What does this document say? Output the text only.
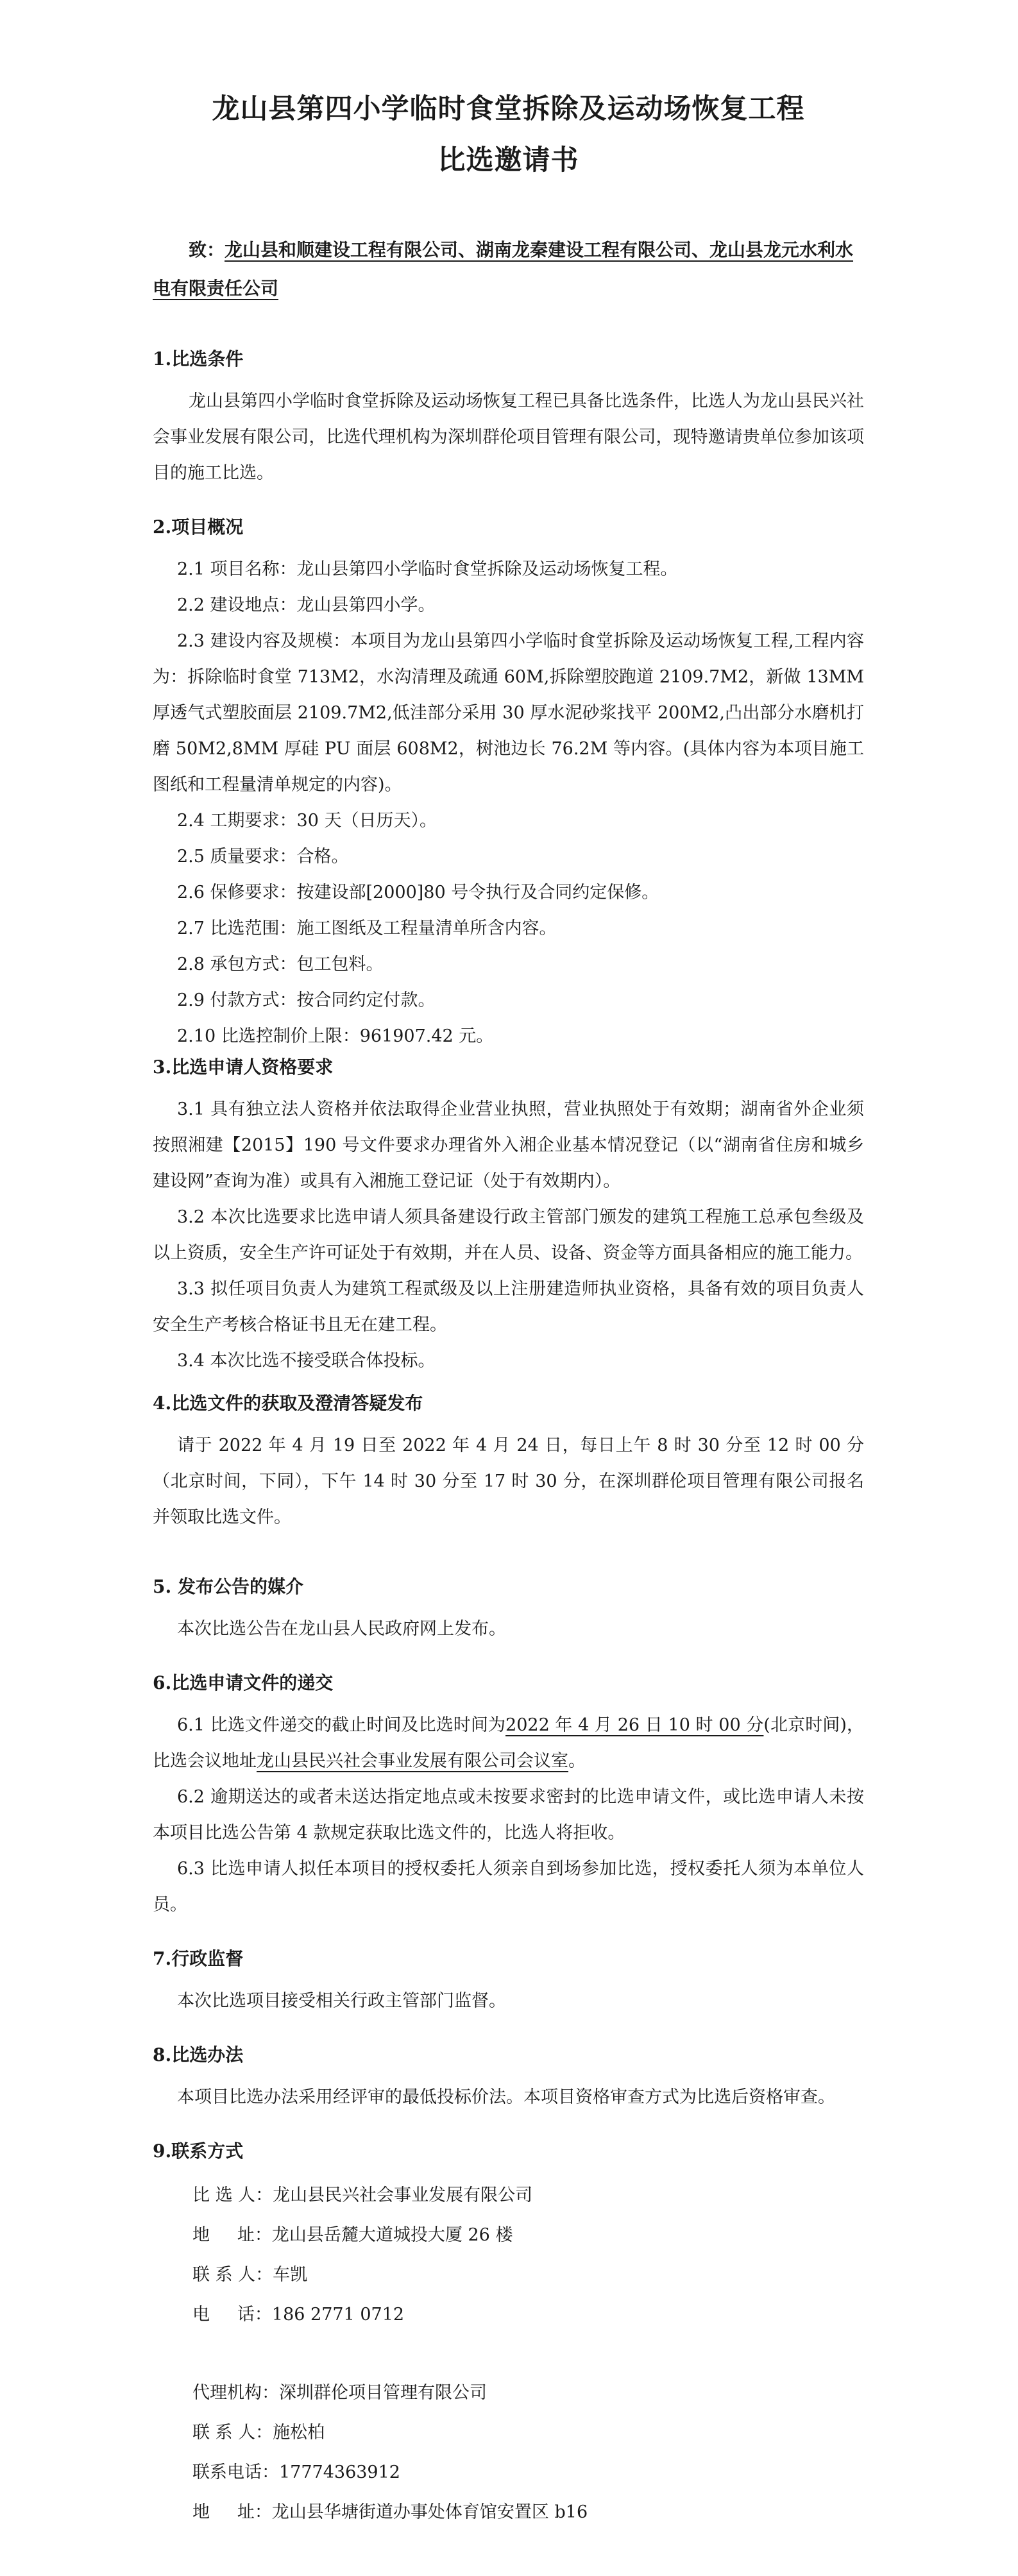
龙山县第四小学临时食堂拆除及运动场恢复工程
比选邀请书
致：龙山县和顺建设工程有限公司、湖南龙秦建设工程有限公司、龙山县龙元水利水电有限责任公司

1.比选条件

龙山县第四小学临时食堂拆除及运动场恢复工程已具备比选条件，比选人为龙山县民兴社会事业发展有限公司，比选代理机构为深圳群伦项目管理有限公司，现特邀请贵单位参加该项目的施工比选。

2.项目概况

2.1 项目名称：龙山县第四小学临时食堂拆除及运动场恢复工程。

2.2 建设地点：龙山县第四小学。

2.3 建设内容及规模：本项目为龙山县第四小学临时食堂拆除及运动场恢复工程,工程内容为：拆除临时食堂 713M2，水沟清理及疏通 60M,拆除塑胶跑道 2109.7M2，新做 13MM 厚透气式塑胶面层 2109.7M2,低洼部分采用 30 厚水泥砂浆找平 200M2,凸出部分水磨机打磨 50M2,8MM 厚硅 PU 面层 608M2，树池边长 76.2M 等内容。(具体内容为本项目施工图纸和工程量清单规定的内容)。

2.4 工期要求：30 天（日历天）。

2.5 质量要求：合格。

2.6 保修要求：按建设部[2000]80 号令执行及合同约定保修。

2.7 比选范围：施工图纸及工程量清单所含内容。

2.8 承包方式：包工包料。

2.9 付款方式：按合同约定付款。

2.10 比选控制价上限：961907.42 元。

3.比选申请人资格要求

3.1 具有独立法人资格并依法取得企业营业执照，营业执照处于有效期；湖南省外企业须按照湘建【2015】190 号文件要求办理省外入湘企业基本情况登记（以“湖南省住房和城乡建设网”查询为准）或具有入湘施工登记证（处于有效期内）。

3.2 本次比选要求比选申请人须具备建设行政主管部门颁发的建筑工程施工总承包叁级及以上资质，安全生产许可证处于有效期，并在人员、设备、资金等方面具备相应的施工能力。

3.3 拟任项目负责人为建筑工程贰级及以上注册建造师执业资格，具备有效的项目负责人安全生产考核合格证书且无在建工程。

3.4 本次比选不接受联合体投标。

4.比选文件的获取及澄清答疑发布

请于 2022 年 4 月 19 日至 2022 年 4 月 24 日，每日上午 8 时 30 分至 12 时 00 分（北京时间，下同），下午 14 时 30 分至 17 时 30 分，在深圳群伦项目管理有限公司报名并领取比选文件。

5. 发布公告的媒介

本次比选公告在龙山县人民政府网上发布。

6.比选申请文件的递交

6.1 比选文件递交的截止时间及比选时间为2022 年 4 月 26 日 10 时 00 分(北京时间)，比选会议地址龙山县民兴社会事业发展有限公司会议室。

6.2 逾期送达的或者未送达指定地点或未按要求密封的比选申请文件，或比选申请人未按本项目比选公告第 4 款规定获取比选文件的，比选人将拒收。

6.3 比选申请人拟任本项目的授权委托人须亲自到场参加比选，授权委托人须为本单位人员。

7.行政监督

本次比选项目接受相关行政主管部门监督。

8.比选办法

本项目比选办法采用经评审的最低投标价法。本项目资格审查方式为比选后资格审查。

9.联系方式

比 选 人： 龙山县民兴社会事业发展有限公司
地     址： 龙山县岳麓大道城投大厦 26 楼
联 系 人： 车凯
电     话： 186 2771 0712
代理机构： 深圳群伦项目管理有限公司
联 系 人： 施松柏
联系电话： 17774363912
地     址： 龙山县华塘街道办事处体育馆安置区 b16
